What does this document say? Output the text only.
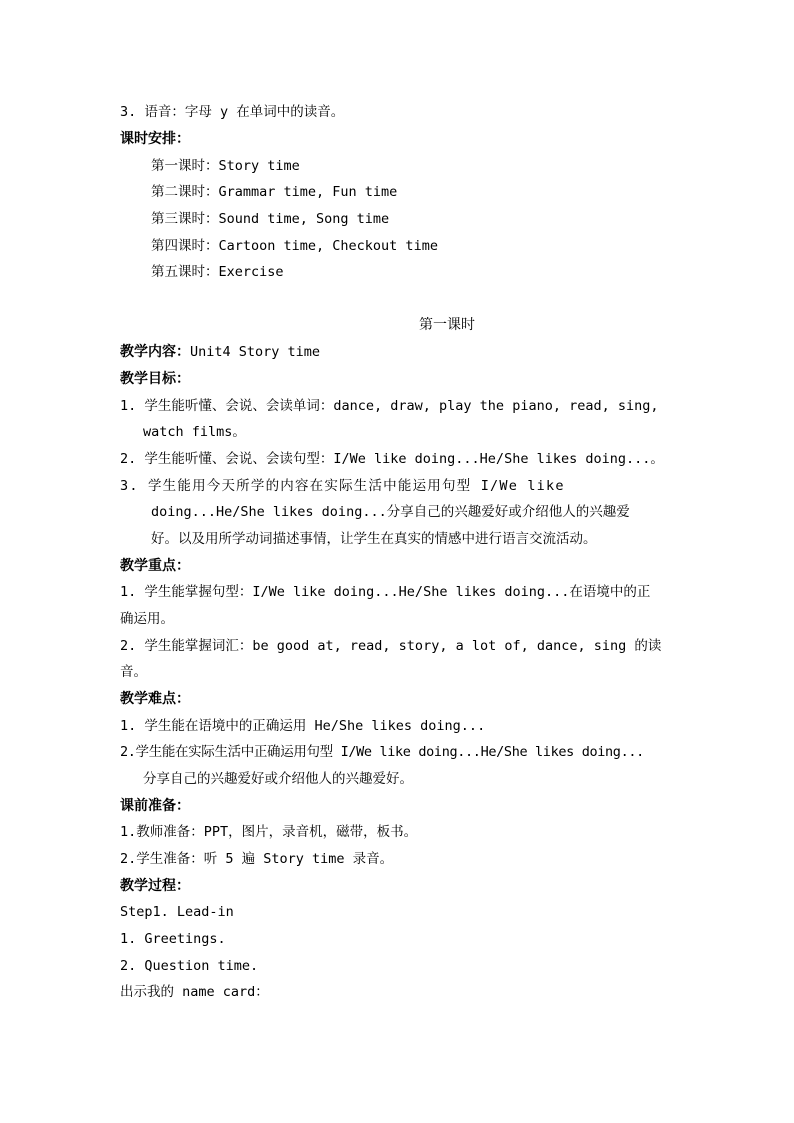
3. 语音：字母 y 在单词中的读音。
课时安排：
第一课时：Story time
第二课时：Grammar time, Fun time
第三课时：Sound time, Song time
第四课时：Cartoon time, Checkout time
第五课时：Exercise
第一课时
教学内容：Unit4 Story time
教学目标：
1. 学生能听懂、会说、会读单词：dance, draw, play the piano, read, sing,
watch films。
2. 学生能听懂、会说、会读句型：I/We like doing...He/She likes doing...。
3. 学生能用今天所学的内容在实际生活中能运用句型 I/We like
doing...He/She likes doing...分享自己的兴趣爱好或介绍他人的兴趣爱
好。以及用所学动词描述事情，让学生在真实的情感中进行语言交流活动。
教学重点：
1. 学生能掌握句型：I/We like doing...He/She likes doing...在语境中的正
确运用。
2. 学生能掌握词汇：be good at, read, story, a lot of, dance, sing 的读
音。
教学难点：
1. 学生能在语境中的正确运用 He/She likes doing...
2.学生能在实际生活中正确运用句型 I/We like doing...He/She likes doing...
分享自己的兴趣爱好或介绍他人的兴趣爱好。
课前准备：
1.教师准备：PPT，图片，录音机，磁带，板书。
2.学生准备：听 5 遍 Story time 录音。
教学过程：
Step1. Lead-in
1. Greetings.
2. Question time.
出示我的 name card：
